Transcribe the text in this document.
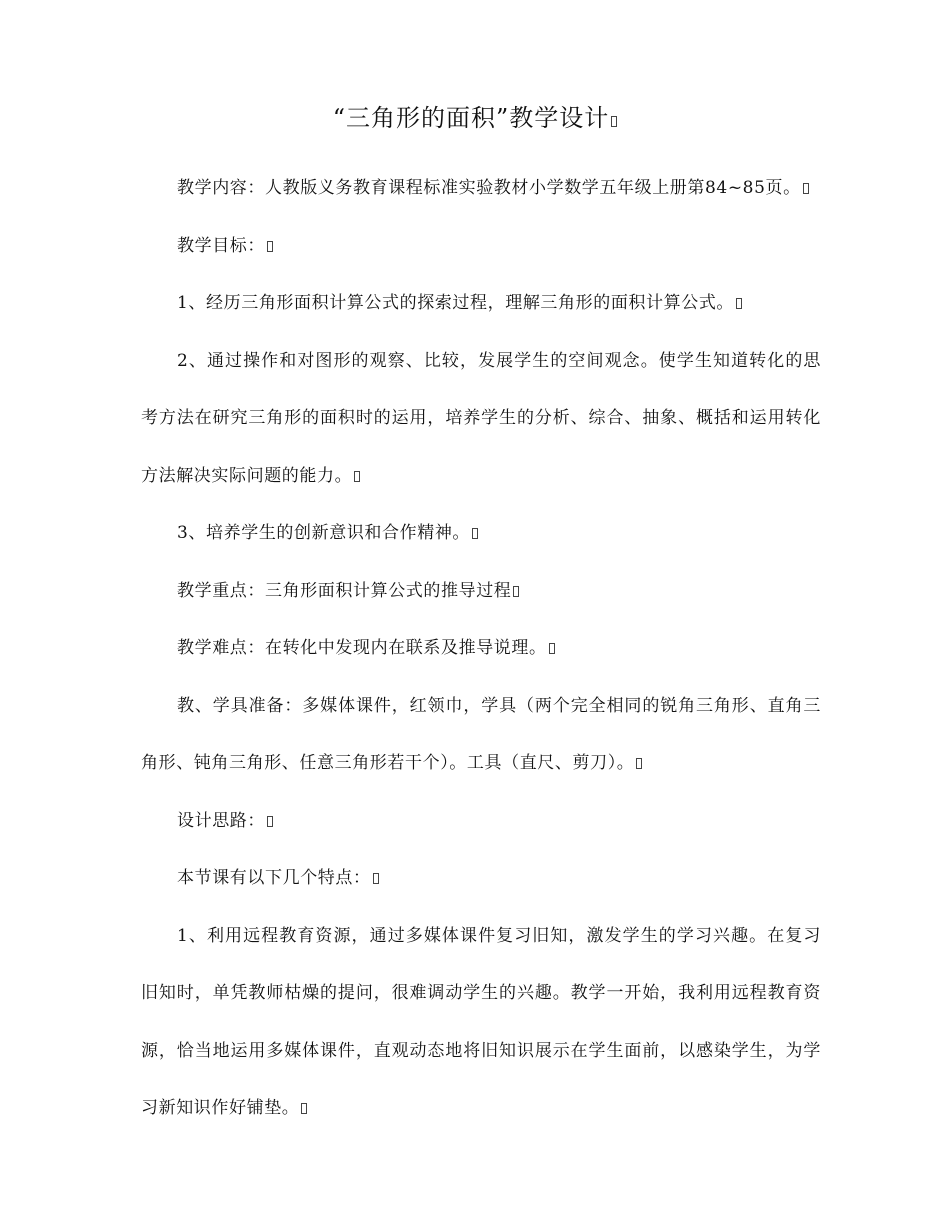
“三角形的面积”教学设计

教学内容：人教版义务教育课程标准实验教材小学数学五年级上册第84~85页。

教学目标：

1、经历三角形面积计算公式的探索过程，理解三角形的面积计算公式。

2、通过操作和对图形的观察、比较，发展学生的空间观念。使学生知道转化的思考方法在研究三角形的面积时的运用，培养学生的分析、综合、抽象、概括和运用转化方法解决实际问题的能力。

3、培养学生的创新意识和合作精神。

教学重点：三角形面积计算公式的推导过程

教学难点：在转化中发现内在联系及推导说理。

教、学具准备：多媒体课件，红领巾，学具（两个完全相同的锐角三角形、直角三角形、钝角三角形、任意三角形若干个）。工具（直尺、剪刀）。

设计思路：

本节课有以下几个特点：

1、利用远程教育资源，通过多媒体课件复习旧知，激发学生的学习兴趣。在复习旧知时，单凭教师枯燥的提问，很难调动学生的兴趣。教学一开始，我利用远程教育资源，恰当地运用多媒体课件，直观动态地将旧知识展示在学生面前，以感染学生，为学习新知识作好铺垫。
